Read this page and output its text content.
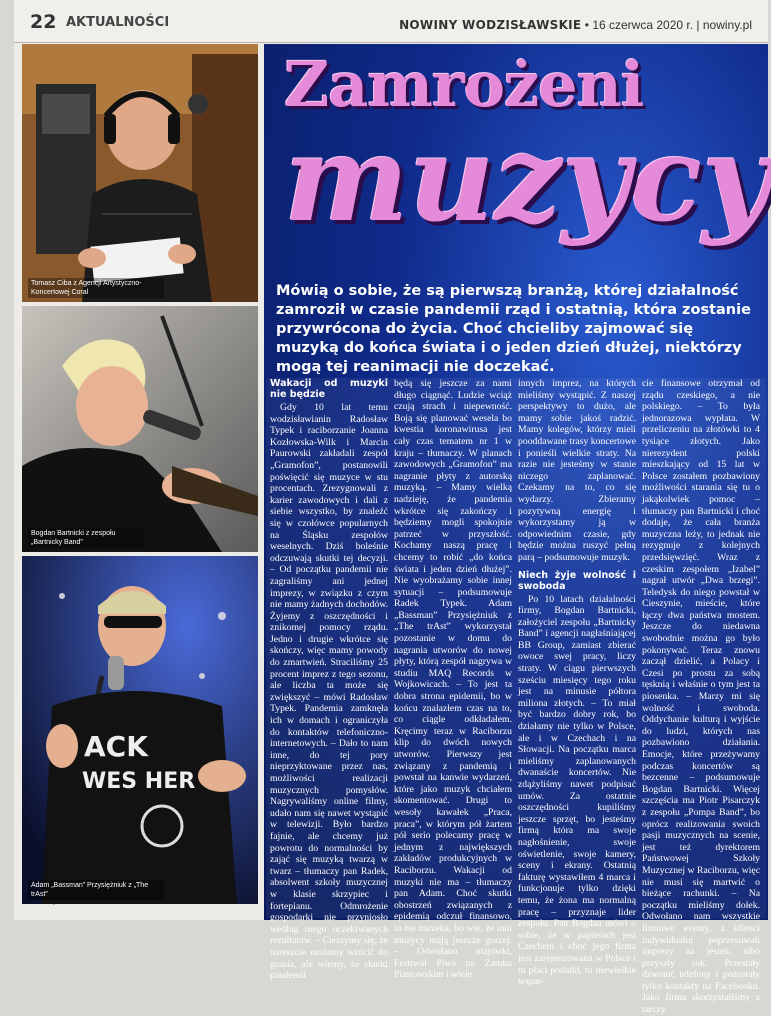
22 AKTUALNOŚCI	NOWINY WODZISŁAWSKIE • 16 czerwca 2020 r. | nowiny.pl
Tomasz Ciba z Agencji Artystyczno-Koncertowej Coral
Bogdan Bartnicki z zespołu „Bartnicky Band”
ACK
WES HER
Adam „Bassman” Przysiężniuk z „The trAst”
Zamrożeni
muzycy
Mówią o sobie, że są pierwszą branżą, której działalność zamroził w czasie pandemii rząd i ostatnią, która zostanie przywrócona do życia. Choć chcieliby zajmować się muzyką do końca świata i o jeden dzień dłużej, niektórzy mogą tej reanimacji nie doczekać.
Wakacji od muzyki nie będzie

Gdy 10 lat temu wodzisławianin Radosław Typek i raciborzanie Joanna Kozłowska-Wilk i Marcin Paurowski zakładali zespół „Gramofon”, postanowili poświęcić się muzyce w stu procentach. Zrezygnowali z karier zawodowych i dali z siebie wszystko, by znaleźć się w czołówce popularnych na Śląsku zespołów weselnych. Dziś boleśnie odczuwają skutki tej decyzji. – Od początku pandemii nie zagraliśmy ani jednej imprezy, w związku z czym nie mamy żadnych dochodów. Żyjemy z oszczędności i znikomej pomocy rządu. Jedno i drugie wkrótce się skończy, więc mamy powody do zmartwień. Straciliśmy 25 procent imprez z tego sezonu, ale liczba ta może się zwiększyć – mówi Radosław Typek. Pandemia zamknęła ich w domach i ograniczyła do kontaktów telefoniczno-internetowych. – Dało to nam inne, do tej pory nieprzyktowane przez nas, możliwości realizacji muzycznych pomysłów. Nagrywaliśmy online filmy, udało nam się nawet wystąpić w telewizji. Było bardzo fajnie, ale chcemy już powrotu do normalności by zająć się muzyką twarzą w twarz – tłumaczy pan Radek, absolwent szkoły muzycznej w klasie skrzypiec i fortepianu. Odmrożenie gospodarki nie przyniosło według niego oczekiwanych rezultatów. – Cieszymy się, że nareszcie możemy wrócić do grania, ale wiemy, że skutki pandemii

będą się jeszcze za nami długo ciągnąć. Ludzie wciąż czują strach i niepewność. Boją się planować wesela bo kwestia koronawirusa jest cały czas tematem nr 1 w kraju – tłumaczy. W planach zawodowych „Gramofon” ma nagranie płyty z autorską muzyką. – Mamy wielką nadzieję, że pandemia wkrótce się zakończy i będziemy mogli spokojnie patrzeć w przyszłość. Kochamy naszą pracę i chcemy to robić „do końca świata i jeden dzień dłużej”. Nie wyobrażamy sobie innej sytuacji – podsumowuje Radek Typek. Adam „Bassman” Przysiężniuk z „The trAst” wykorzystał pozostanie w domu do nagrania utworów do nowej płyty, którą zespół nagrywa w studiu MAQ Records w Wojkowicach. – To jest ta dobra strona epidemii, bo w końcu znalazłem czas na to, co ciągle odkładałem. Kręcimy teraz w Raciborzu klip do dwóch nowych utworów. Pierwszy jest związany z pandemią i powstał na kanwie wydarzeń, które jako muzyk chciałem skomentować. Drugi to wesoły kawałek „Praca, praca”, w którym pół żartem pół serio polecamy pracę w jednym z największych zakładów produkcyjnych w Raciborzu. Wakacji od muzyki nie ma – tłumaczy pan Adam. Choć skutki obostrzeń związanych z epidemią odczuł finansowo, to nie narzeka, bo wie, że inni muzycy mają jeszcze gorzej. – Odwołano majówki, Festiwal Piwa na Zamku Piastowskim i wiele

innych imprez, na których mieliśmy wystąpić. Z naszej perspektywy to dużo, ale mamy sobie jakoś radzić. Mamy kolegów, którzy mieli pooddawane trasy koncertowe i ponieśli wielkie straty. Na razie nie jesteśmy w stanie niczego zaplanować. Czekamy na to, co się wydarzy. Zbieramy pozytywną energię i wykorzystamy ją w odpowiednim czasie, gdy będzie można ruszyć pełną parą – podsumowuje muzyk.

Niech żyje wolność i swoboda

Po 10 latach działalności firmy, Bogdan Bartnicki, założyciel zespołu „Bartnicky Band” i agencji nagłaśniającej BB Group, zamiast zbierać owoce swej pracy, liczy straty. W ciągu pierwszych sześciu miesięcy tego roku jest na minusie półtora miliona złotych. – To miał być bardzo dobry rok, bo działamy nie tylko w Polsce, ale i w Czechach i na Słowacji. Na początku marca mieliśmy zaplanowanych dwanaście koncertów. Nie zdążyliśmy nawet podpisać umów. Za ostatnie oszczędności kupiliśmy jeszcze sprzęt, bo jesteśmy firmą która ma swoje nagłośnienie, swoje oświetlenie, swoje kamery, sceny i ekrany. Ostatnią fakturę wystawiłem 4 marca i funkcjonuje tylko dzięki temu, że żona ma normalną pracę – przyznaje lider zespołu. Pan Bogdan mówi o sobie, że w papierach jest Czechem i choć jego firma jest zarejestrowana w Polsce i tu płaci podatki, to niewielkie wspar-

cie finansowe otrzymał od rządu czeskiego, a nie polskiego. – To była jednorazowa wypłata. W przeliczeniu na złotówki to 4 tysiące złotych. Jako nierezydent polski mieszkający od 15 lat w Polsce zostałem pozbawiony możliwości starania się tu o jakąkolwiek pomoc – tłumaczy pan Bartnicki i choć dodaje, że cała branża muzyczna leży, to jednak nie rezygnuje z kolejnych przedsięwzięć. Wraz z czeskim zespołem „Izabel” nagrał utwór „Dwa brzegi”. Teledysk do niego powstał w Cieszynie, mieście, które łączy dwa państwa mostem. Jeszcze do niedawna swobodnie można go było pokonywać. Teraz znowu zaczął dzielić, a Polacy i Czesi po prostu za sobą tęsknią i właśnie o tym jest ta piosenka. – Marzy mi się wolność i swoboda. Oddychanie kulturą i wyjście do ludzi, których nas pozbawiono działania. Emocje, które przeżywamy podczas koncertów są bezcenne – podsumowuje Bogdan Bartnicki. Więcej szczęścia ma Piotr Pisarczyk z zespołu „Pompa Band”, bo oprócz realizowania swoich pasji muzycznych na scenie, jest też dyrektorem Państwowej Szkoły Muzycznej w Raciborzu, więc nie musi się martwić o bieżące rachunki. – Na początku mieliśmy dołek. Odwołano nam wszystkie firmowe eventy, a klienci indywidualni poprzesuwali imprezy na jesień, albo przyszły rok. Przestały dzwonić telefony i pozostały tylko kontakty na Facebooku. Jako firma skorzystaliśmy z tarczy
